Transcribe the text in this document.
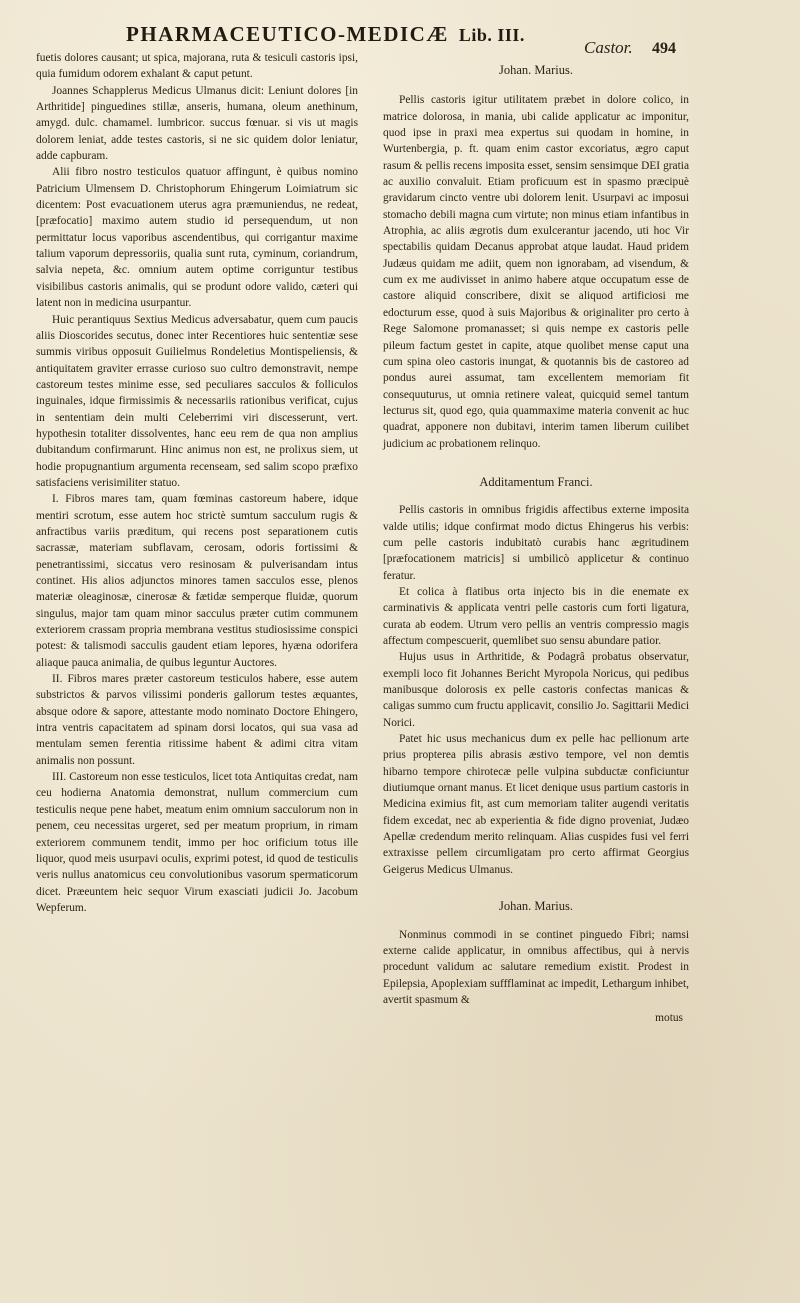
PHARMACEUTICO-MEDICÆ Lib. III.
Castor. 494

fuetis dolores causant; ut spica, majorana, ruta & tesiculi castoris ipsi, quia fumidum odorem exhalant & caput petunt.

Joannes Schapplerus Medicus Ulmanus dicit: Leniunt dolores [in Arthritide] pinguedines stillæ, anseris, humana, oleum anethinum, amygd. dulc. chamamel. lumbricor. succus fœnuar. si vis ut magis dolorem leniat, adde testes castoris, si ne sic quidem dolor leniatur, adde capburam.

Alii fibro nostro testiculos quatuor affingunt, è quibus nomino Patricium Ulmensem D. Christophorum Ehingerum Loimiatrum sic dicentem: Post evacuationem uterus agra præmuniendus, ne redeat, [præfocatio] maximo autem studio id persequendum, ut non permittatur locus vaporibus ascendentibus, qui corrigantur maxime talium vaporum depressoriis, qualia sunt ruta, cyminum, coriandrum, salvia nepeta, &c. omnium autem optime corriguntur testibus visibilibus castoris animalis, qui se produnt odore valido, cæteri qui latent non in medicina usurpantur.

Huic perantiquus Sextius Medicus adversabatur, quem cum paucis aliis Dioscorides secutus, donec inter Recentiores huic sententiæ sese summis viribus opposuit Guilielmus Rondeletius Montispeliensis, & antiquitatem graviter errasse curioso suo cultro demonstravit, nempe castoreum testes minime esse, sed peculiares sacculos & folliculos inguinales, idque firmissimis & necessariis rationibus verificat, cujus in sententiam dein multi Celeberrimi viri discesserunt, vert. hypothesin totaliter dissolventes, hanc eeu rem de qua non amplius dubitandum confirmarunt. Hinc animus non est, ne prolixus siem, ut hodie propugnantium argumenta recenseam, sed salim scopo præfixo satisfaciens verisimiliter statuo.

I. Fibros mares tam, quam fœminas castoreum habere, idque mentiri scrotum, esse autem hoc strictè sumtum sacculum rugis & anfractibus variis præditum, qui recens post separationem cutis sacrassæ, materiam subflavam, cerosam, odoris fortissimi & penetrantissimi, siccatus vero resinosam & pulverisandam intus continet. His alios adjunctos minores tamen sacculos esse, plenos materiæ oleaginosæ, cinerosæ & fætidæ semperque fluidæ, quorum singulus, major tam quam minor sacculus præter cutim communem exteriorem crassam propria membrana vestitus studiosissime conspici potest: & talismodi sacculis gaudent etiam lepores, hyæna odorifera aliaque pauca animalia, de quibus leguntur Auctores.

II. Fibros mares præter castoreum testiculos habere, esse autem substrictos & parvos vilissimi ponderis gallorum testes æquantes, absque odore & sapore, attestante modo nominato Doctore Ehingero, intra ventris capacitatem ad spinam dorsi locatos, qui sua vasa ad mentulam semen ferentia ritissime habent & adimi citra vitam animalis non possunt.

III. Castoreum non esse testiculos, licet tota Antiquitas credat, nam ceu hodierna Anatomia demonstrat, nullum commercium cum testiculis neque pene habet, meatum enim omnium sacculorum non in penem, ceu necessitas urgeret, sed per meatum proprium, in rimam exteriorem communem tendit, immo per hoc orificium totus ille liquor, quod meis usurpavi oculis, exprimi potest, id quod de testiculis veris nullus anatomicus ceu convolutionibus vasorum spermaticorum dicet. Præeuntem heic sequor Virum exasciati judicii Jo. Jacobum Wepferum.

Johan. Marius.

Pellis castoris igitur utilitatem præbet in dolore colico, in matrice dolorosa, in mania, ubi calide applicatur ac imponitur, quod ipse in praxi mea expertus sui quodam in homine, in Wurtenbergia, p. ft. quam enim castor excoriatus, ægro caput rasum & pellis recens imposita esset, sensim sensimque DEI gratia ac auxilio convaluit. Etiam proficuum est in spasmo præcipuè gravidarum cincto ventre ubi dolorem lenit. Usurpavi ac imposui stomacho debili magna cum virtute; non minus etiam infantibus in Atrophia, ac aliis ægrotis dum exulcerantur jacendo, uti hoc Vir spectabilis quidam Decanus approbat atque laudat. Haud pridem Judæus quidam me adiit, quem non ignorabam, ad visendum, & cum ex me audivisset in animo habere atque occupatum esse de castore aliquid conscribere, dixit se aliquod artificiosi me edocturum esse, quod à suis Majoribus & originaliter pro certo à Rege Salomone promanasset; si quis nempe ex castoris pelle pileum factum gestet in capite, atque quolibet mense caput una cum spina oleo castoris inungat, & quotannis bis de castoreo ad pondus aurei assumat, tam excellentem memoriam fit consequuturus, ut omnia retinere valeat, quicquid semel tantum lecturus sit, quod ego, quia quammaxime materia convenit ac huc quadrat, apponere non dubitavi, interim tamen liberum cuilibet judicium ac probationem relinquo.

Additamentum Franci.

Pellis castoris in omnibus frigidis affectibus externe imposita valde utilis; idque confirmat modo dictus Ehingerus his verbis: cum pelle castoris indubitatò curabis hanc ægritudinem [præfocationem matricis] si umbilicò applicetur & continuo feratur.

Et colica à flatibus orta injecto bis in die enemate ex carminativis & applicata ventri pelle castoris cum forti ligatura, curata ab eodem. Utrum vero pellis an ventris compressio magis affectum compescuerit, quemlibet suo sensu abundare patior.

Hujus usus in Arthritide, & Podagrâ probatus observatur, exempli loco fit Johannes Bericht Myropola Noricus, qui pedibus manibusque dolorosis ex pelle castoris confectas manicas & caligas summo cum fructu applicavit, consilio Jo. Sagittarii Medici Norici.

Patet hic usus mechanicus dum ex pelle hac pellionum arte prius propterea pilis abrasis æstivo tempore, vel non demtis hibarno tempore chirotecæ pelle vulpina subductæ conficiuntur diutiumque ornant manus. Et licet denique usus partium castoris in Medicina eximius fit, ast cum memoriam taliter augendi veritatis fidem excedat, nec ab experientia & fide digno proveniat, Judæo Apellæ credendum merito relinquam. Alias cuspides fusi vel ferri extraxisse pellem circumligatam pro certo affirmat Georgius Geigerus Medicus Ulmanus.

Johan. Marius.

Nonminus commodi in se continet pinguedo Fibri; namsi externe calide applicatur, in omnibus affectibus, qui à nervis procedunt validum ac salutare remedium existit. Prodest in Epilepsia, Apoplexiam suffflaminat ac impedit, Lethargum inhibet, avertit spasmum &

motus
